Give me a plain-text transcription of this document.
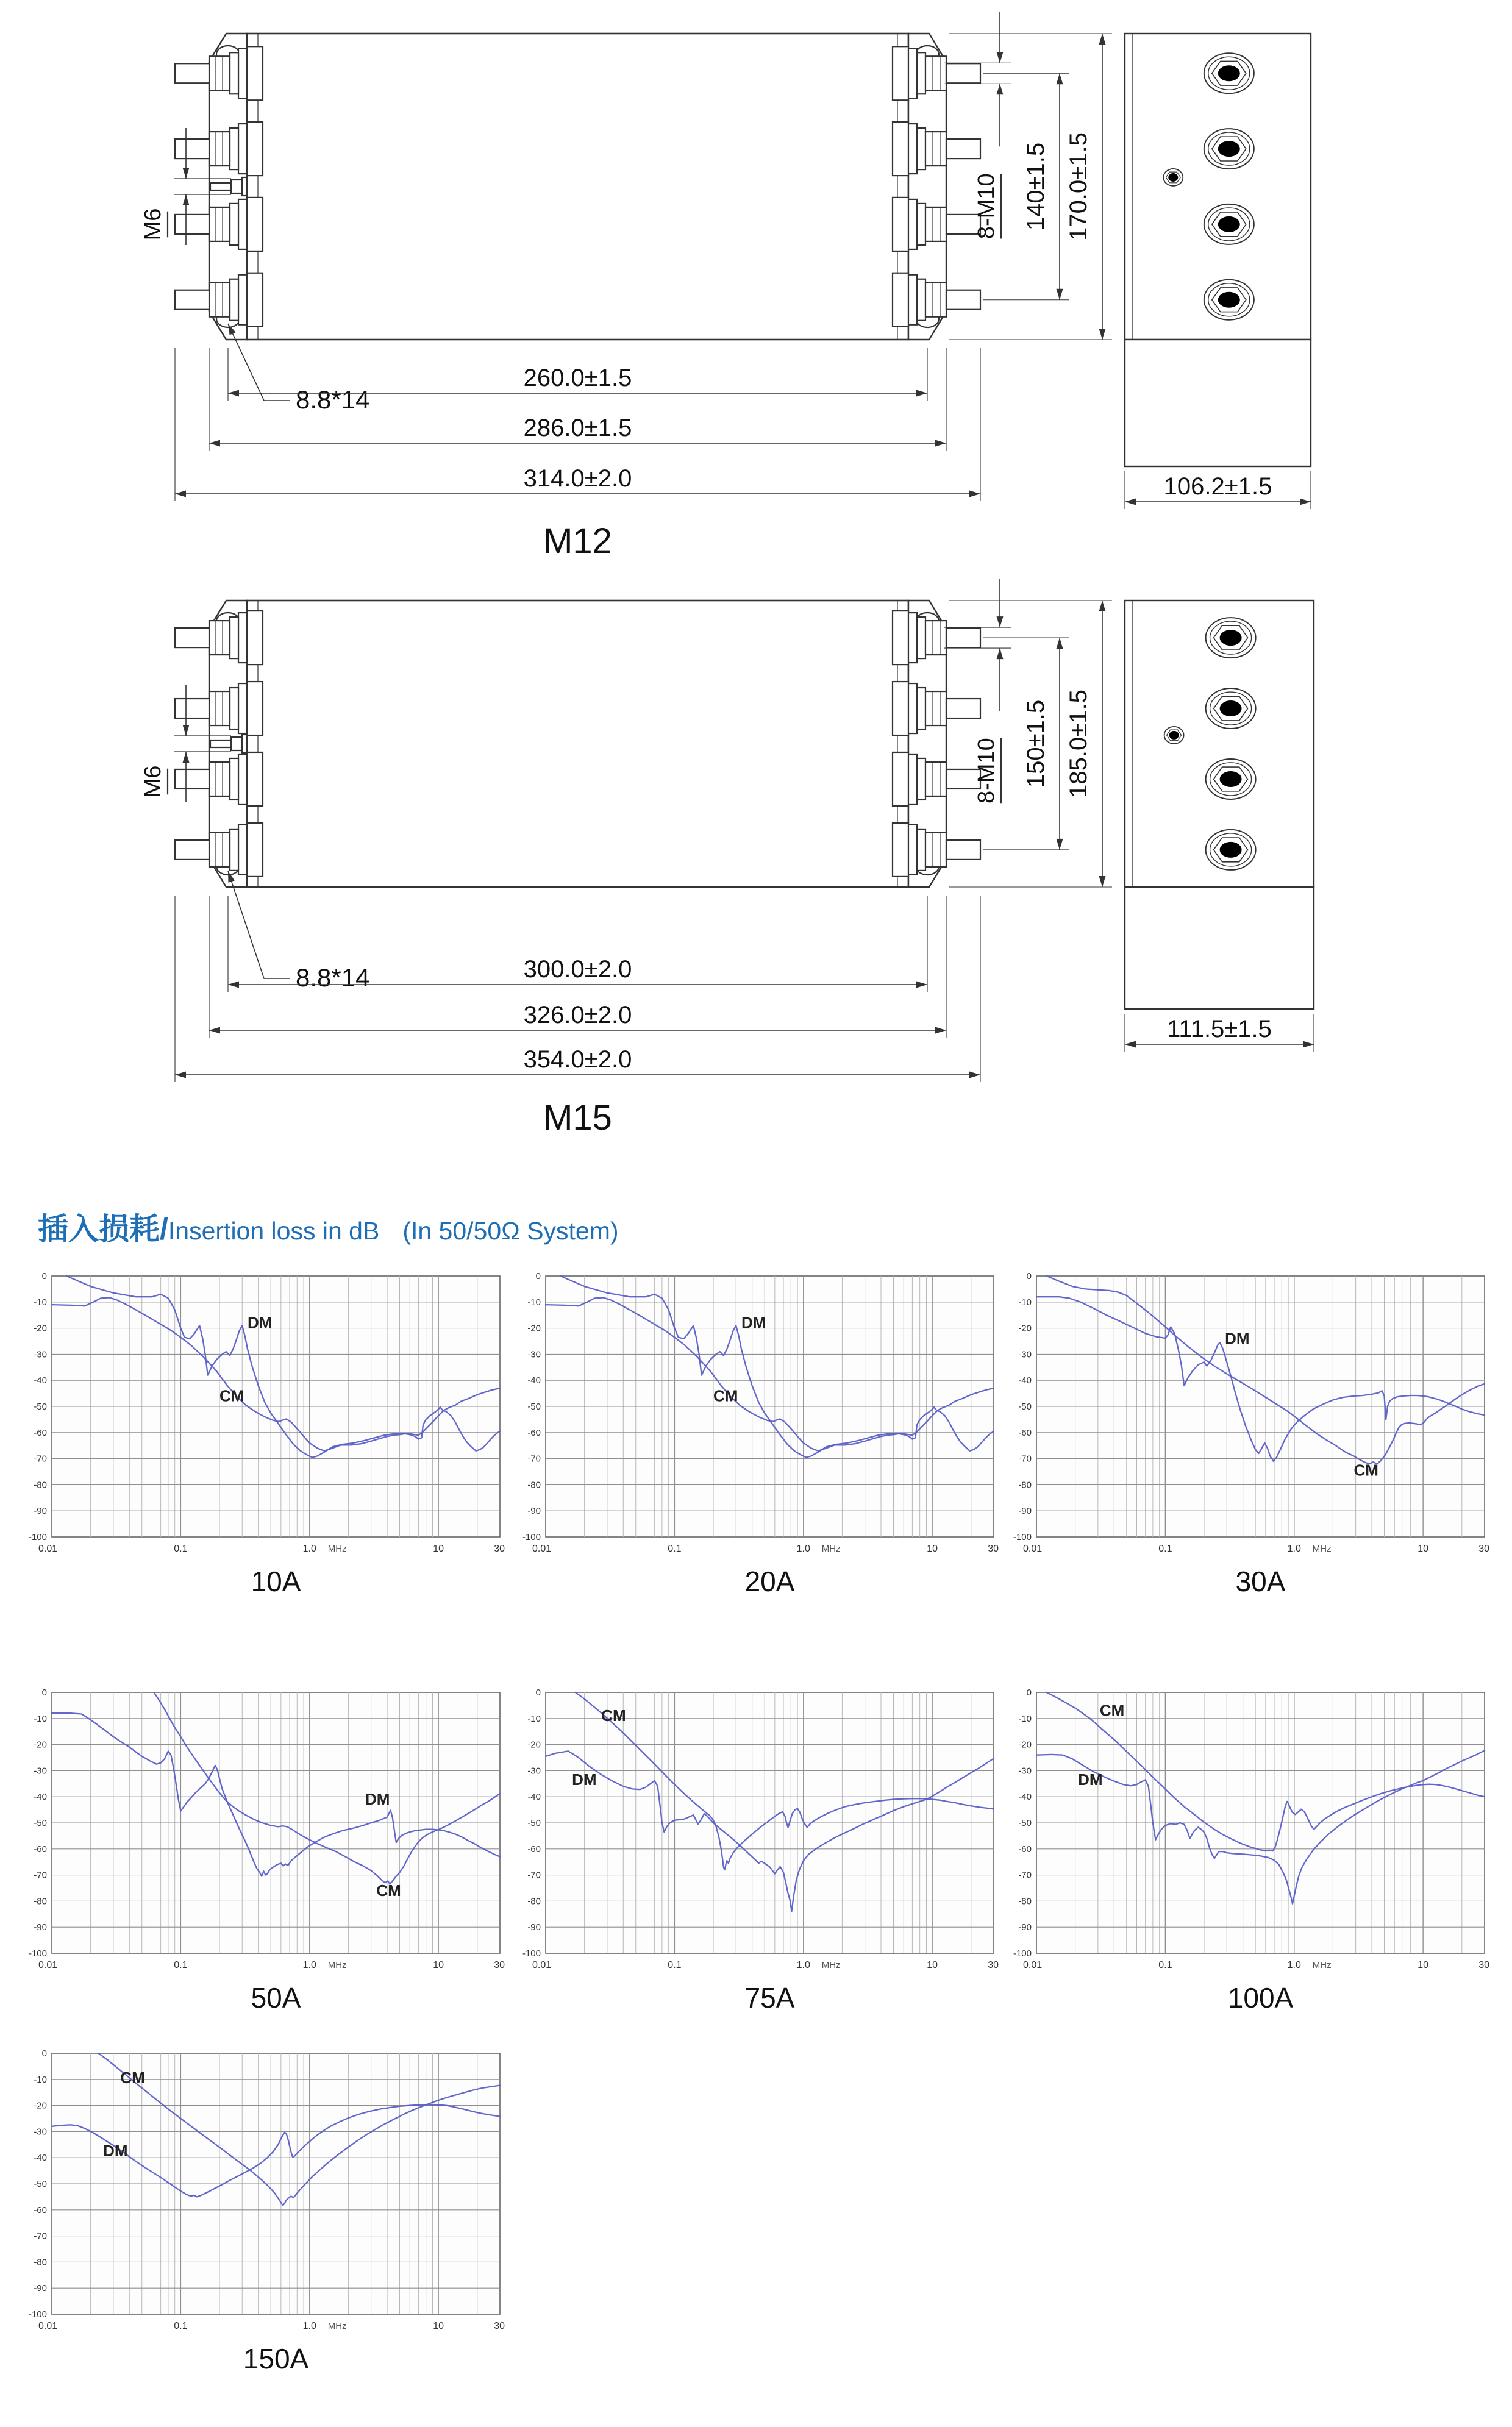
M6
8.8*14
260.0±1.5
286.0±1.5
314.0±2.0
8-M10 140±1.5 170.0±1.5
106.2±1.5
M12
M6
8.8*14	300.0±2.0
326.0±2.0
354.0±2.0
8-M10 150±1.5 185.0±1.5
111.5±1.5
M15
插入损耗/Insertion loss in dB (In 50/50Ω System)
0
-10
-20
-30
-40
-50
-60
-70
-80
-90
-100
0.01	0.1	1.0 MHz	10	30
DM
CM
10A
0
-10
-20
-30
-40
-50
-60
-70
-80
-90
-100
0.01	0.1	1.0 MHz	10	30
DM
CM
20A
0
-10
-20
-30
-40
-50
-60
-70
-80
-90
-100
0.01	0.1	1.0 MHz	10	30
DM
CM
30A
0
-10
-20
-30
-40
-50
-60
-70
-80
-90
-100
0.01	0.1	1.0 MHz	10	30
DM
CM
50A
0
-10
-20
-30
-40
-50
-60
-70
-80
-90
-100
0.01	0.1	1.0 MHz	10	30
DM
CM
75A
0
-10
-20
-30
-40
-50
-60
-70
-80
-90
-100
0.01	0.1	1.0 MHz	10	30
DM
CM
100A
0
-10
-20
-30
-40
-50
-60
-70
-80
-90
-100
0.01	0.1	1.0 MHz	10	30
DM
CM
150A
